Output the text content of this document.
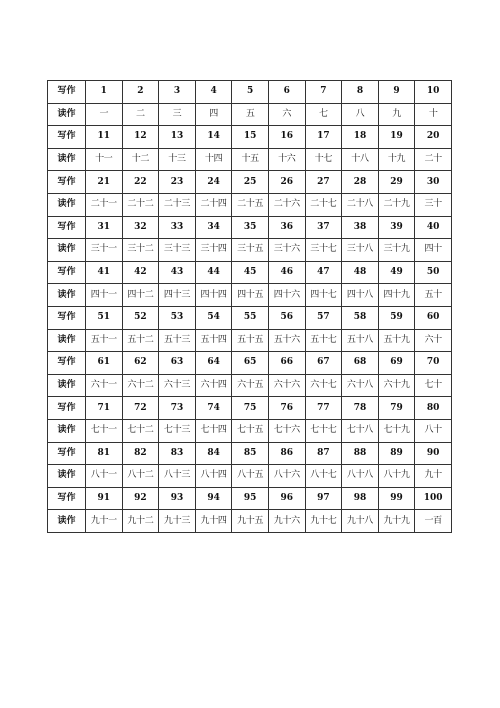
写作	1	2	3	4	5	6	7	8	9	10
读作	一	二	三	四	五	六	七	八	九	十
写作	11	12	13	14	15	16	17	18	19	20
读作	十一	十二	十三	十四	十五	十六	十七	十八	十九	二十
写作	21	22	23	24	25	26	27	28	29	30
读作	二十一	二十二	二十三	二十四	二十五	二十六	二十七	二十八	二十九	三十
写作	31	32	33	34	35	36	37	38	39	40
读作	三十一	三十二	三十三	三十四	三十五	三十六	三十七	三十八	三十九	四十
写作	41	42	43	44	45	46	47	48	49	50
读作	四十一	四十二	四十三	四十四	四十五	四十六	四十七	四十八	四十九	五十
写作	51	52	53	54	55	56	57	58	59	60
读作	五十一	五十二	五十三	五十四	五十五	五十六	五十七	五十八	五十九	六十
写作	61	62	63	64	65	66	67	68	69	70
读作	六十一	六十二	六十三	六十四	六十五	六十六	六十七	六十八	六十九	七十
写作	71	72	73	74	75	76	77	78	79	80
读作	七十一	七十二	七十三	七十四	七十五	七十六	七十七	七十八	七十九	八十
写作	81	82	83	84	85	86	87	88	89	90
读作	八十一	八十二	八十三	八十四	八十五	八十六	八十七	八十八	八十九	九十
写作	91	92	93	94	95	96	97	98	99	100
读作	九十一	九十二	九十三	九十四	九十五	九十六	九十七	九十八	九十九	一百
